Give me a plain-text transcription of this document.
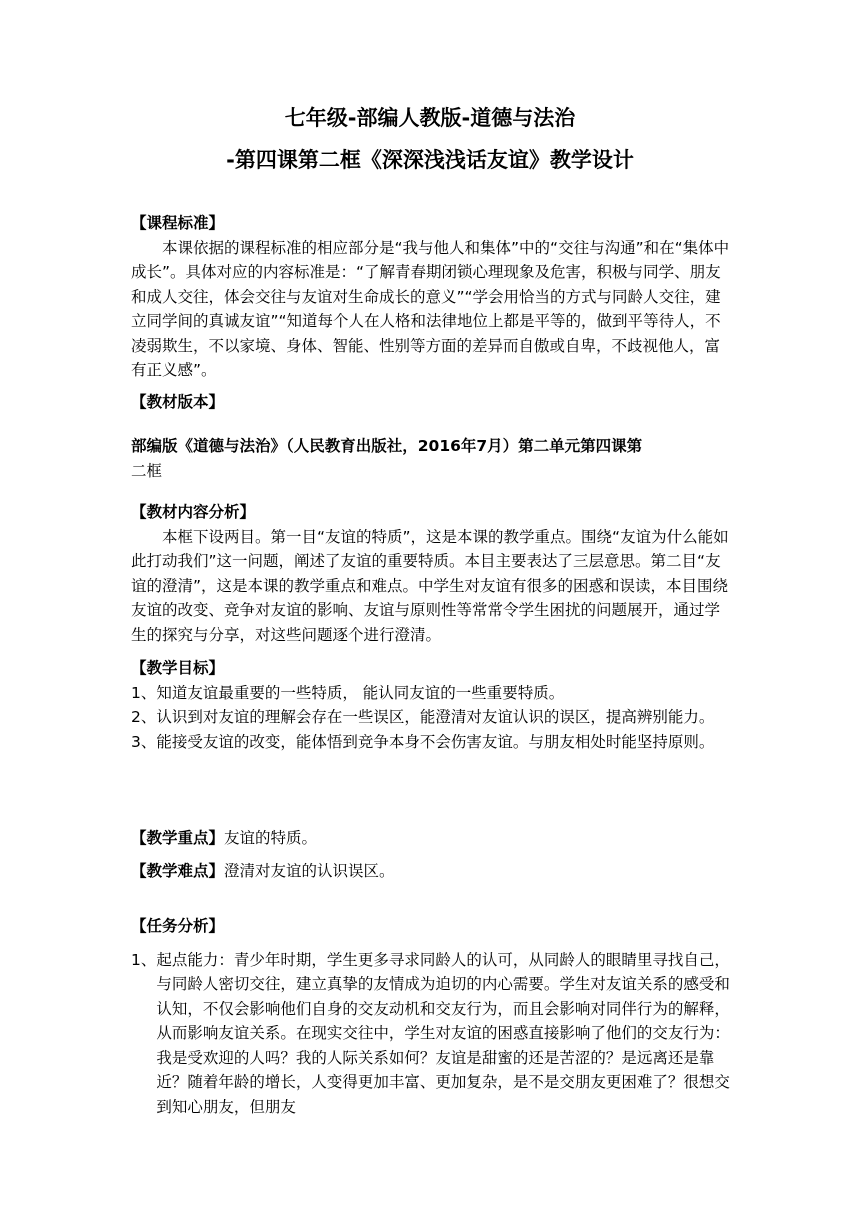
七年级-部编人教版-道德与法治
-第四课第二框《深深浅浅话友谊》教学设计

【课程标准】

本课依据的课程标准的相应部分是“我与他人和集体”中的“交往与沟通”和在“集体中成长”。具体对应的内容标准是：“了解青春期闭锁心理现象及危害，积极与同学、朋友和成人交往，体会交往与友谊对生命成长的意义”“学会用恰当的方式与同龄人交往，建立同学间的真诚友谊”“知道每个人在人格和法律地位上都是平等的，做到平等待人，不凌弱欺生，不以家境、身体、智能、性别等方面的差异而自傲或自卑，不歧视他人，富有正义感”。

【教材版本】

部编版《道德与法治》（人民教育出版社，2016年7月）第二单元第四课第
二框

【教材内容分析】

本框下设两目。第一目“友谊的特质”，这是本课的教学重点。围绕“友谊为什么能如此打动我们”这一问题，阐述了友谊的重要特质。本目主要表达了三层意思。第二目“友谊的澄清”，这是本课的教学重点和难点。中学生对友谊有很多的困惑和误读，本目围绕友谊的改变、竞争对友谊的影响、友谊与原则性等常常令学生困扰的问题展开，通过学生的探究与分享，对这些问题逐个进行澄清。

【教学目标】

1、知道友谊最重要的一些特质， 能认同友谊的一些重要特质。

2、认识到对友谊的理解会存在一些误区，能澄清对友谊认识的误区，提高辨别能力。

3、能接受友谊的改变，能体悟到竞争本身不会伤害友谊。与朋友相处时能坚持原则。

【教学重点】友谊的特质。

【教学难点】澄清对友谊的认识误区。

【任务分析】

1、 起点能力：青少年时期，学生更多寻求同龄人的认可，从同龄人的眼睛里寻找自己，与同龄人密切交往，建立真挚的友情成为迫切的内心需要。学生对友谊关系的感受和认知，不仅会影响他们自身的交友动机和交友行为，而且会影响对同伴行为的解释，从而影响友谊关系。在现实交往中，学生对友谊的困惑直接影响了他们的交友行为：我是受欢迎的人吗？我的人际关系如何？友谊是甜蜜的还是苦涩的？是远离还是靠近？随着年龄的增长，人变得更加丰富、更加复杂，是不是交朋友更困难了？很想交到知心朋友，但朋友
